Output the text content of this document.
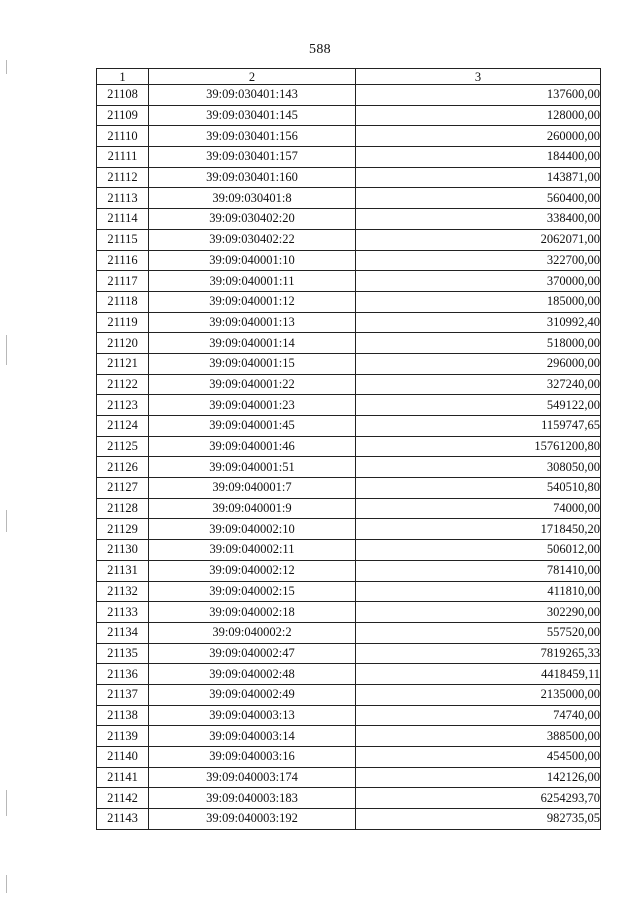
588
1	2	3
21108	39:09:030401:143	137600,00
21109	39:09:030401:145	128000,00
21110	39:09:030401:156	260000,00
21111	39:09:030401:157	184400,00
21112	39:09:030401:160	143871,00
21113	39:09:030401:8	560400,00
21114	39:09:030402:20	338400,00
21115	39:09:030402:22	2062071,00
21116	39:09:040001:10	322700,00
21117	39:09:040001:11	370000,00
21118	39:09:040001:12	185000,00
21119	39:09:040001:13	310992,40
21120	39:09:040001:14	518000,00
21121	39:09:040001:15	296000,00
21122	39:09:040001:22	327240,00
21123	39:09:040001:23	549122,00
21124	39:09:040001:45	1159747,65
21125	39:09:040001:46	15761200,80
21126	39:09:040001:51	308050,00
21127	39:09:040001:7	540510,80
21128	39:09:040001:9	74000,00
21129	39:09:040002:10	1718450,20
21130	39:09:040002:11	506012,00
21131	39:09:040002:12	781410,00
21132	39:09:040002:15	411810,00
21133	39:09:040002:18	302290,00
21134	39:09:040002:2	557520,00
21135	39:09:040002:47	7819265,33
21136	39:09:040002:48	4418459,11
21137	39:09:040002:49	2135000,00
21138	39:09:040003:13	74740,00
21139	39:09:040003:14	388500,00
21140	39:09:040003:16	454500,00
21141	39:09:040003:174	142126,00
21142	39:09:040003:183	6254293,70
21143	39:09:040003:192	982735,05
